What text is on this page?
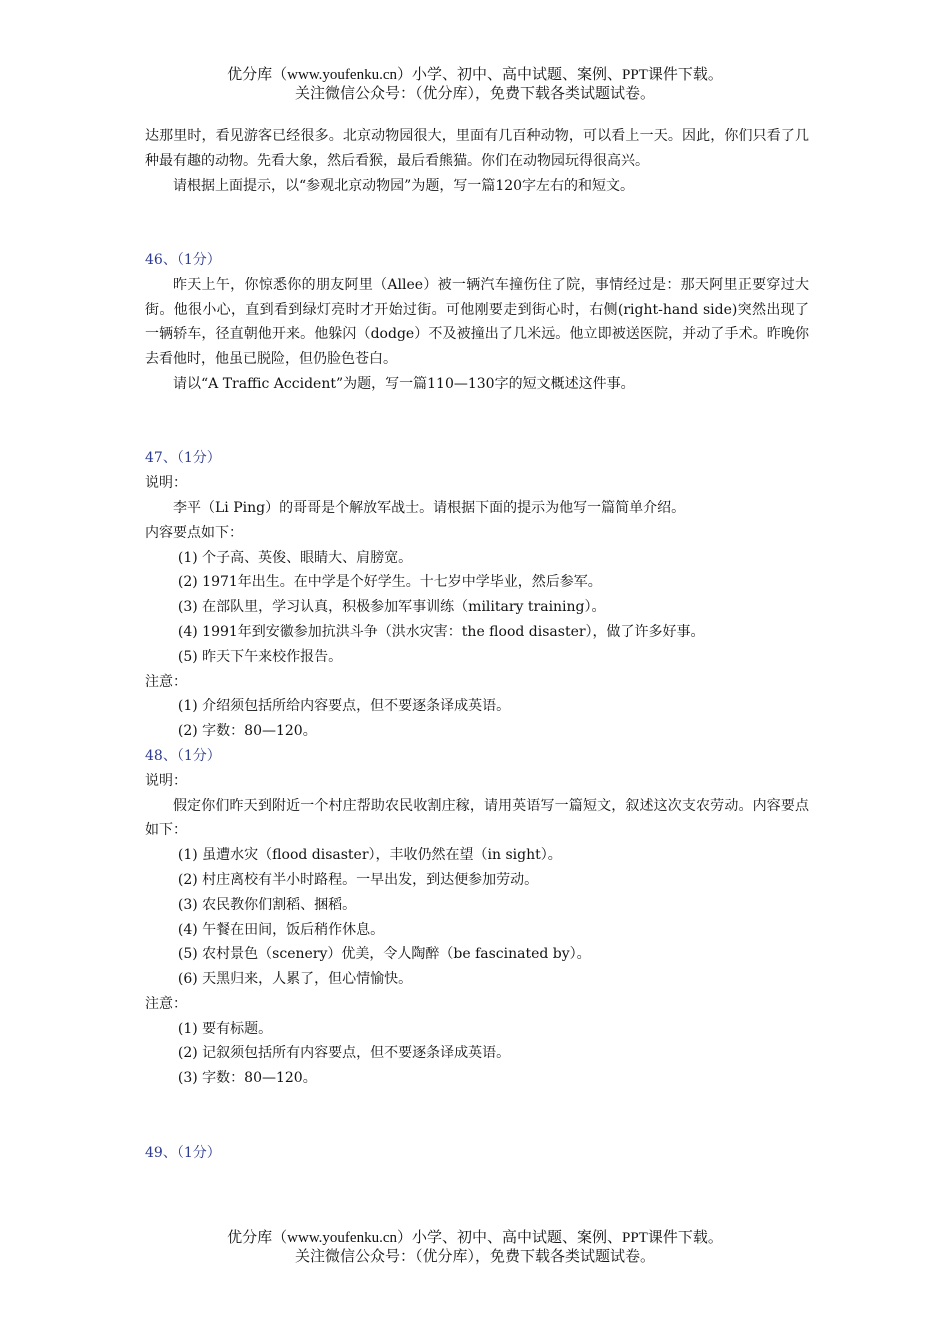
优分库（www.youfenku.cn）小学、初中、高中试题、案例、PPT课件下载。
关注微信公众号：（优分库），免费下载各类试题试卷。

达那里时，看见游客已经很多。北京动物园很大，里面有几百种动物，可以看上一天。因此，你们只看了几种最有趣的动物。先看大象，然后看猴，最后看熊猫。你们在动物园玩得很高兴。

请根据上面提示，以“参观北京动物园”为题，写一篇120字左右的和短文。

46、（1分）

昨天上午，你惊悉你的朋友阿里（Allee）被一辆汽车撞伤住了院，事情经过是：那天阿里正要穿过大街。他很小心，直到看到绿灯亮时才开始过街。可他刚要走到街心时，右侧(right-hand side)突然出现了一辆轿车，径直朝他开来。他躲闪（dodge）不及被撞出了几米远。他立即被送医院，并动了手术。昨晚你去看他时，他虽已脱险，但仍脸色苍白。

请以“A Traffic Accident”为题，写一篇110—130字的短文概述这件事。

47、（1分）

说明：

李平（Li Ping）的哥哥是个解放军战士。请根据下面的提示为他写一篇简单介绍。

内容要点如下：

(1) 个子高、英俊、眼睛大、肩膀宽。

(2) 1971年出生。在中学是个好学生。十七岁中学毕业，然后参军。

(3) 在部队里，学习认真，积极参加军事训练（military training）。

(4) 1991年到安徽参加抗洪斗争（洪水灾害：the flood disaster），做了许多好事。

(5) 昨天下午来校作报告。

注意：

(1) 介绍须包括所给内容要点，但不要逐条译成英语。

(2) 字数：80—120。

48、（1分）

说明：

假定你们昨天到附近一个村庄帮助农民收割庄稼，请用英语写一篇短文，叙述这次支农劳动。内容要点如下：

(1) 虽遭水灾（flood disaster），丰收仍然在望（in sight）。

(2) 村庄离校有半小时路程。一早出发，到达便参加劳动。

(3) 农民教你们割稻、捆稻。

(4) 午餐在田间，饭后稍作休息。

(5) 农村景色（scenery）优美，令人陶醉（be fascinated by）。

(6) 天黑归来，人累了，但心情愉快。

注意：

(1) 要有标题。

(2) 记叙须包括所有内容要点，但不要逐条译成英语。

(3) 字数：80—120。

49、（1分）

优分库（www.youfenku.cn）小学、初中、高中试题、案例、PPT课件下载。
关注微信公众号：（优分库），免费下载各类试题试卷。
